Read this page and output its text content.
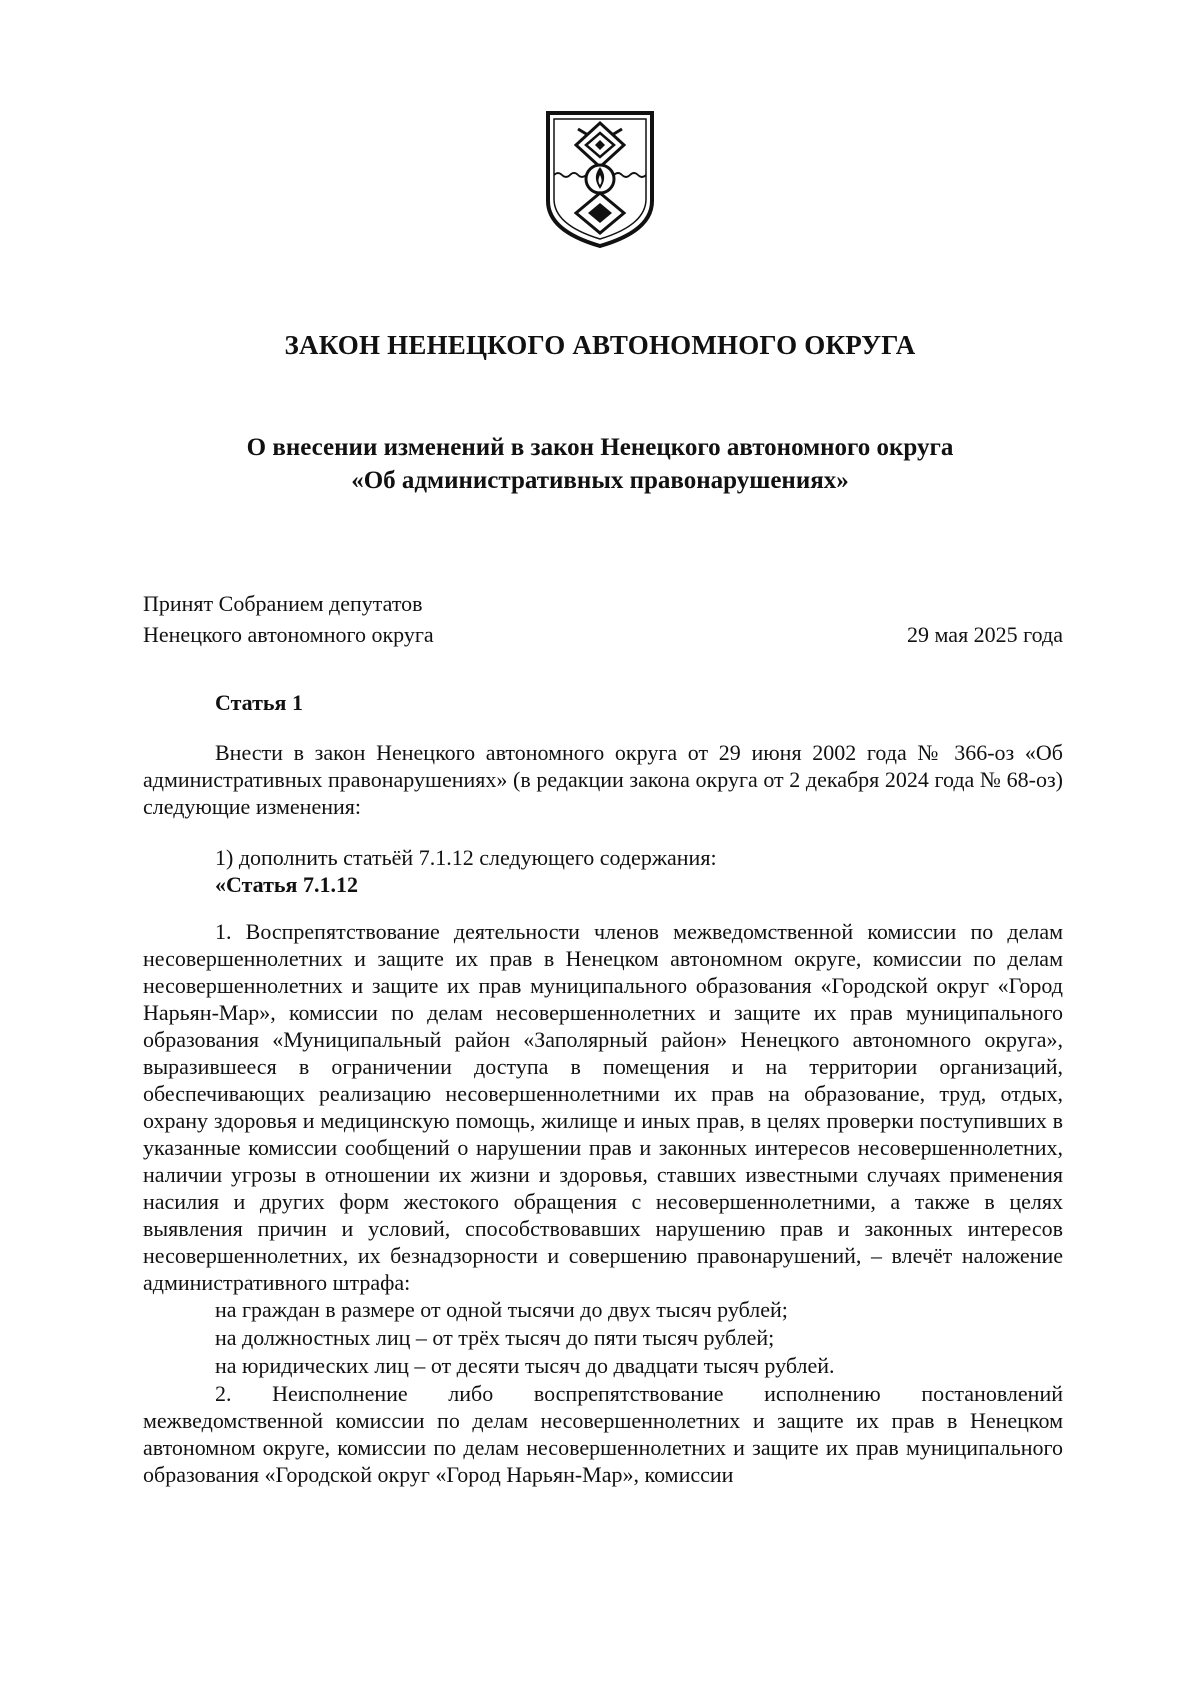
ЗАКОН НЕНЕЦКОГО АВТОНОМНОГО ОКРУГА
О внесении изменений в закон Ненецкого автономного округа
«Об административных правонарушениях»
Принят Собранием депутатов
Ненецкого автономного округа	29 мая 2025 года

Статья 1

Внести в закон Ненецкого автономного округа от 29 июня 2002 года № 366-оз «Об административных правонарушениях» (в редакции закона округа от 2 декабря 2024 года № 68-оз) следующие изменения:

1) дополнить статьёй 7.1.12 следующего содержания:

«Статья 7.1.12

1. Воспрепятствование деятельности членов межведомственной комиссии по делам несовершеннолетних и защите их прав в Ненецком автономном округе, комиссии по делам несовершеннолетних и защите их прав муниципального образования «Городской округ «Город Нарьян-Мар», комиссии по делам несовершеннолетних и защите их прав муниципального образования «Муниципальный район «Заполярный район» Ненецкого автономного округа», выразившееся в ограничении доступа в помещения и на территории организаций, обеспечивающих реализацию несовершеннолетними их прав на образование, труд, отдых, охрану здоровья и медицинскую помощь, жилище и иных прав, в целях проверки поступивших в указанные комиссии сообщений о нарушении прав и законных интересов несовершеннолетних, наличии угрозы в отношении их жизни и здоровья, ставших известными случаях применения насилия и других форм жестокого обращения с несовершеннолетними, а также в целях выявления причин и условий, способствовавших нарушению прав и законных интересов несовершеннолетних, их безнадзорности и совершению правонарушений, – влечёт наложение административного штрафа:

на граждан в размере от одной тысячи до двух тысяч рублей;

на должностных лиц – от трёх тысяч до пяти тысяч рублей;

на юридических лиц – от десяти тысяч до двадцати тысяч рублей.

2. Неисполнение либо воспрепятствование исполнению постановлений межведомственной комиссии по делам несовершеннолетних и защите их прав в Ненецком автономном округе, комиссии по делам несовершеннолетних и защите их прав муниципального образования «Городской округ «Город Нарьян-Мар», комиссии
